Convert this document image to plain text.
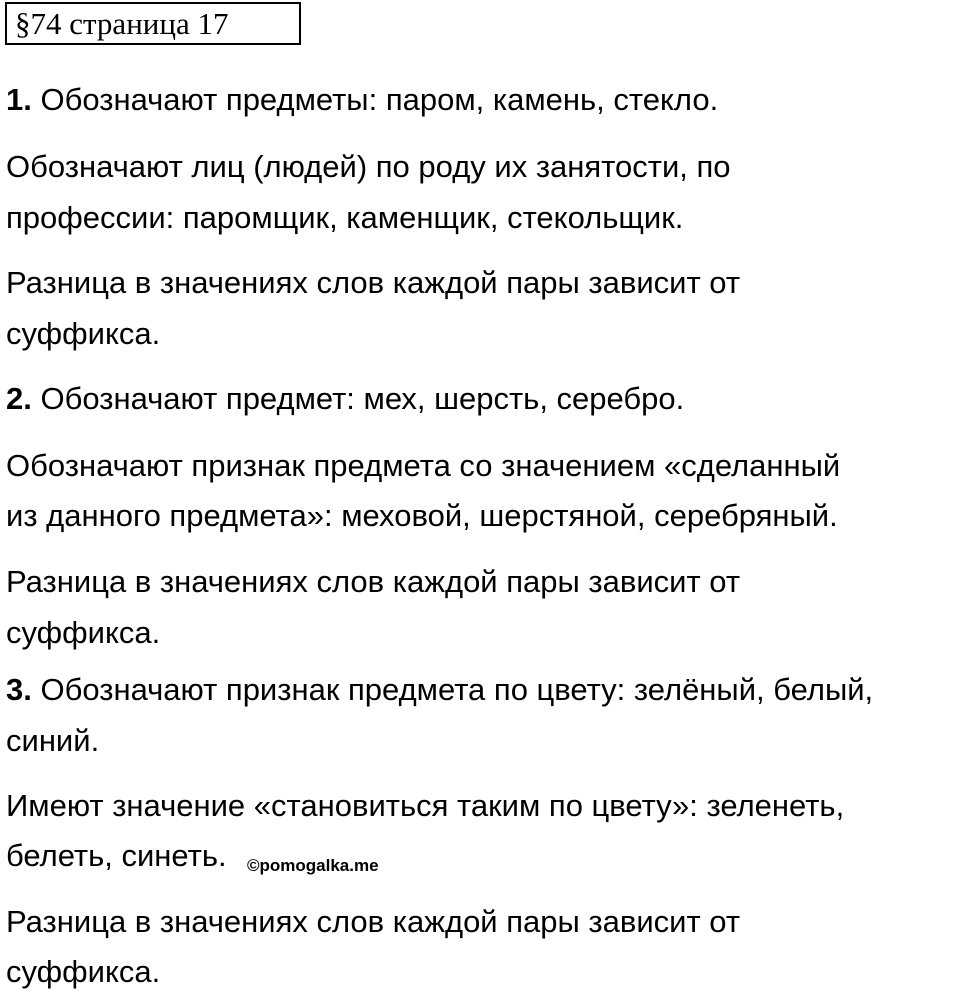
§74 страница 17
1. Обозначают предметы: паром, камень, стекло.
Обозначают лиц (людей) по роду их занятости, по
профессии: паромщик, каменщик, стекольщик.
Разница в значениях слов каждой пары зависит от
суффикса.
2. Обозначают предмет: мех, шерсть, серебро.
Обозначают признак предмета со значением «сделанный
из данного предмета»: меховой, шерстяной, серебряный.
Разница в значениях слов каждой пары зависит от
суффикса.
3. Обозначают признак предмета по цвету: зелёный, белый,
синий.
Имеют значение «становиться таким по цвету»: зеленеть,
белеть, синеть.	©pomogalka.me
Разница в значениях слов каждой пары зависит от
суффикса.
